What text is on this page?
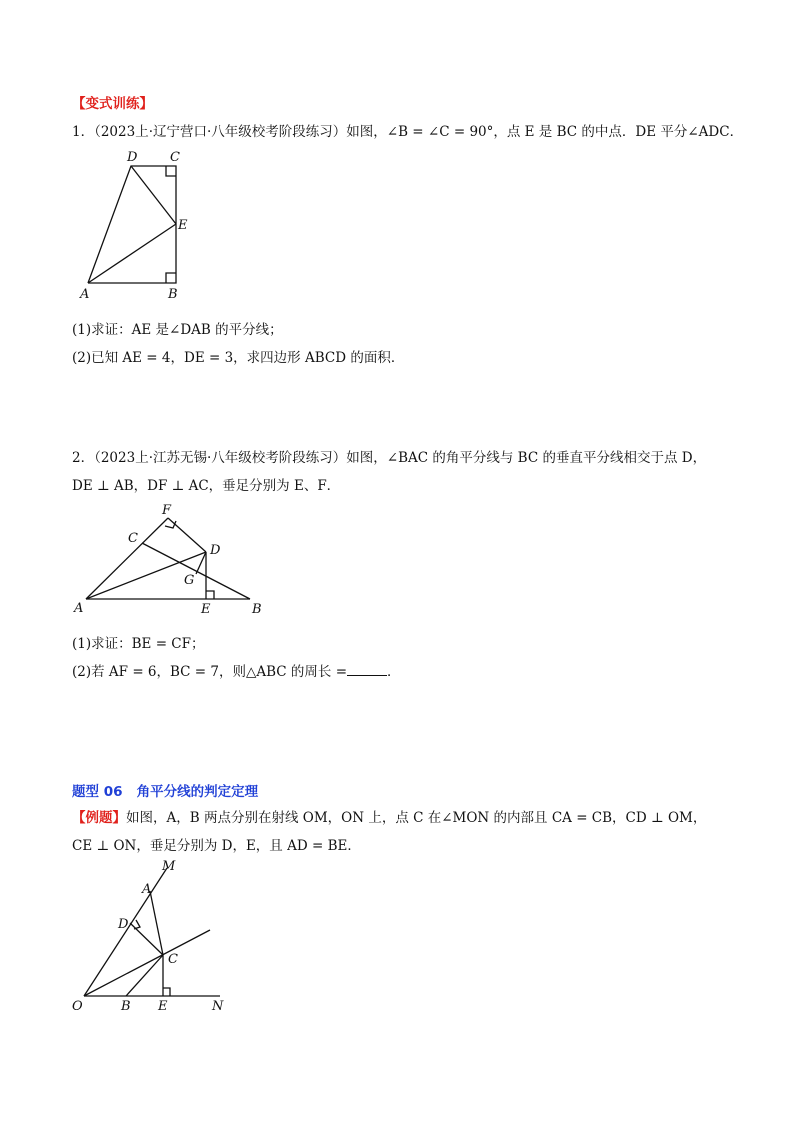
【变式训练】
1．（2023上·辽宁营口·八年级校考阶段练习）如图，∠B = ∠C = 90°，点 E 是 BC 的中点．DE 平分∠ADC．
D	C
E
A	B
(1)求证：AE 是∠DAB 的平分线；
(2)已知 AE = 4，DE = 3，求四边形 ABCD 的面积．
2．（2023上·江苏无锡·八年级校考阶段练习）如图，∠BAC 的角平分线与 BC 的垂直平分线相交于点 D，
DE ⊥ AB，DF ⊥ AC，垂足分别为 E、F．
F
C
D
G
A	E	B
(1)求证：BE = CF；
(2)若 AF = 6，BC = 7，则△ABC 的周长 =	．
题型 06 角平分线的判定定理
【例题】如图，A，B 两点分别在射线 OM，ON 上，点 C 在∠MON 的内部且 CA = CB，CD ⊥ OM，
CE ⊥ ON，垂足分别为 D，E，且 AD = BE．
M
A
D
C
O	B E	N
